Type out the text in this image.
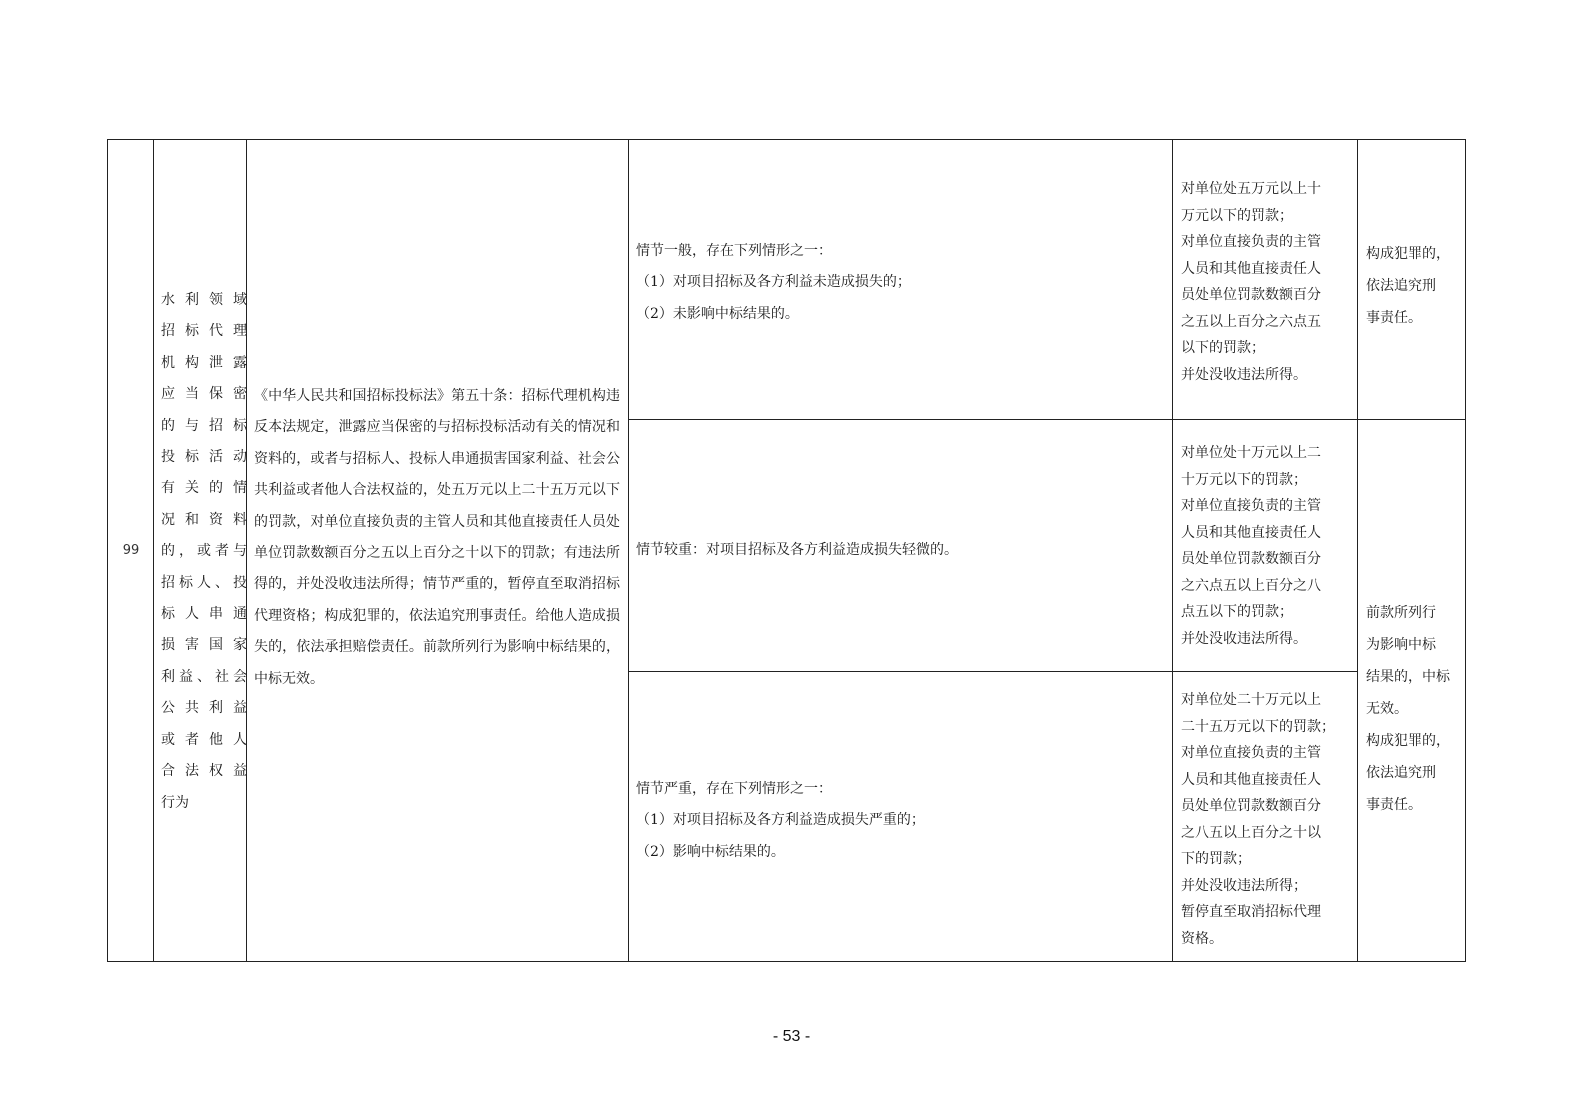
99
水利领域
招标代理
机构泄露
应当保密
的与招标
投标活动
有关的情
况和资料
的，或者与
招标人、投
标人串通
损害国家
利益、社会
公共利益
或者他人
合法权益
行为
《中华人民共和国招标投标法》第五十条：招标代理机构违反本法规定，泄露应当保密的与招标投标活动有关的情况和资料的，或者与招标人、投标人串通损害国家利益、社会公共利益或者他人合法权益的，处五万元以上二十五万元以下的罚款，对单位直接负责的主管人员和其他直接责任人员处单位罚款数额百分之五以上百分之十以下的罚款；有违法所得的，并处没收违法所得；情节严重的，暂停直至取消招标代理资格；构成犯罪的，依法追究刑事责任。给他人造成损失的，依法承担赔偿责任。前款所列行为影响中标结果的，中标无效。

情节一般，存在下列情形之一：

（1）对项目招标及各方利益未造成损失的；

（2）未影响中标结果的。

情节较重：对项目招标及各方利益造成损失轻微的。

情节严重，存在下列情形之一：

（1）对项目招标及各方利益造成损失严重的；

（2）影响中标结果的。

对单位处五万元以上十

万元以下的罚款；

对单位直接负责的主管

人员和其他直接责任人

员处单位罚款数额百分

之五以上百分之六点五

以下的罚款；

并处没收违法所得。

对单位处十万元以上二

十万元以下的罚款；

对单位直接负责的主管

人员和其他直接责任人

员处单位罚款数额百分

之六点五以上百分之八

点五以下的罚款；

并处没收违法所得。

对单位处二十万元以上

二十五万元以下的罚款；

对单位直接负责的主管

人员和其他直接责任人

员处单位罚款数额百分

之八五以上百分之十以

下的罚款；

并处没收违法所得；

暂停直至取消招标代理

资格。

构成犯罪的，

依法追究刑

事责任。

前款所列行

为影响中标

结果的，中标

无效。

构成犯罪的，

依法追究刑

事责任。

- 53 -
